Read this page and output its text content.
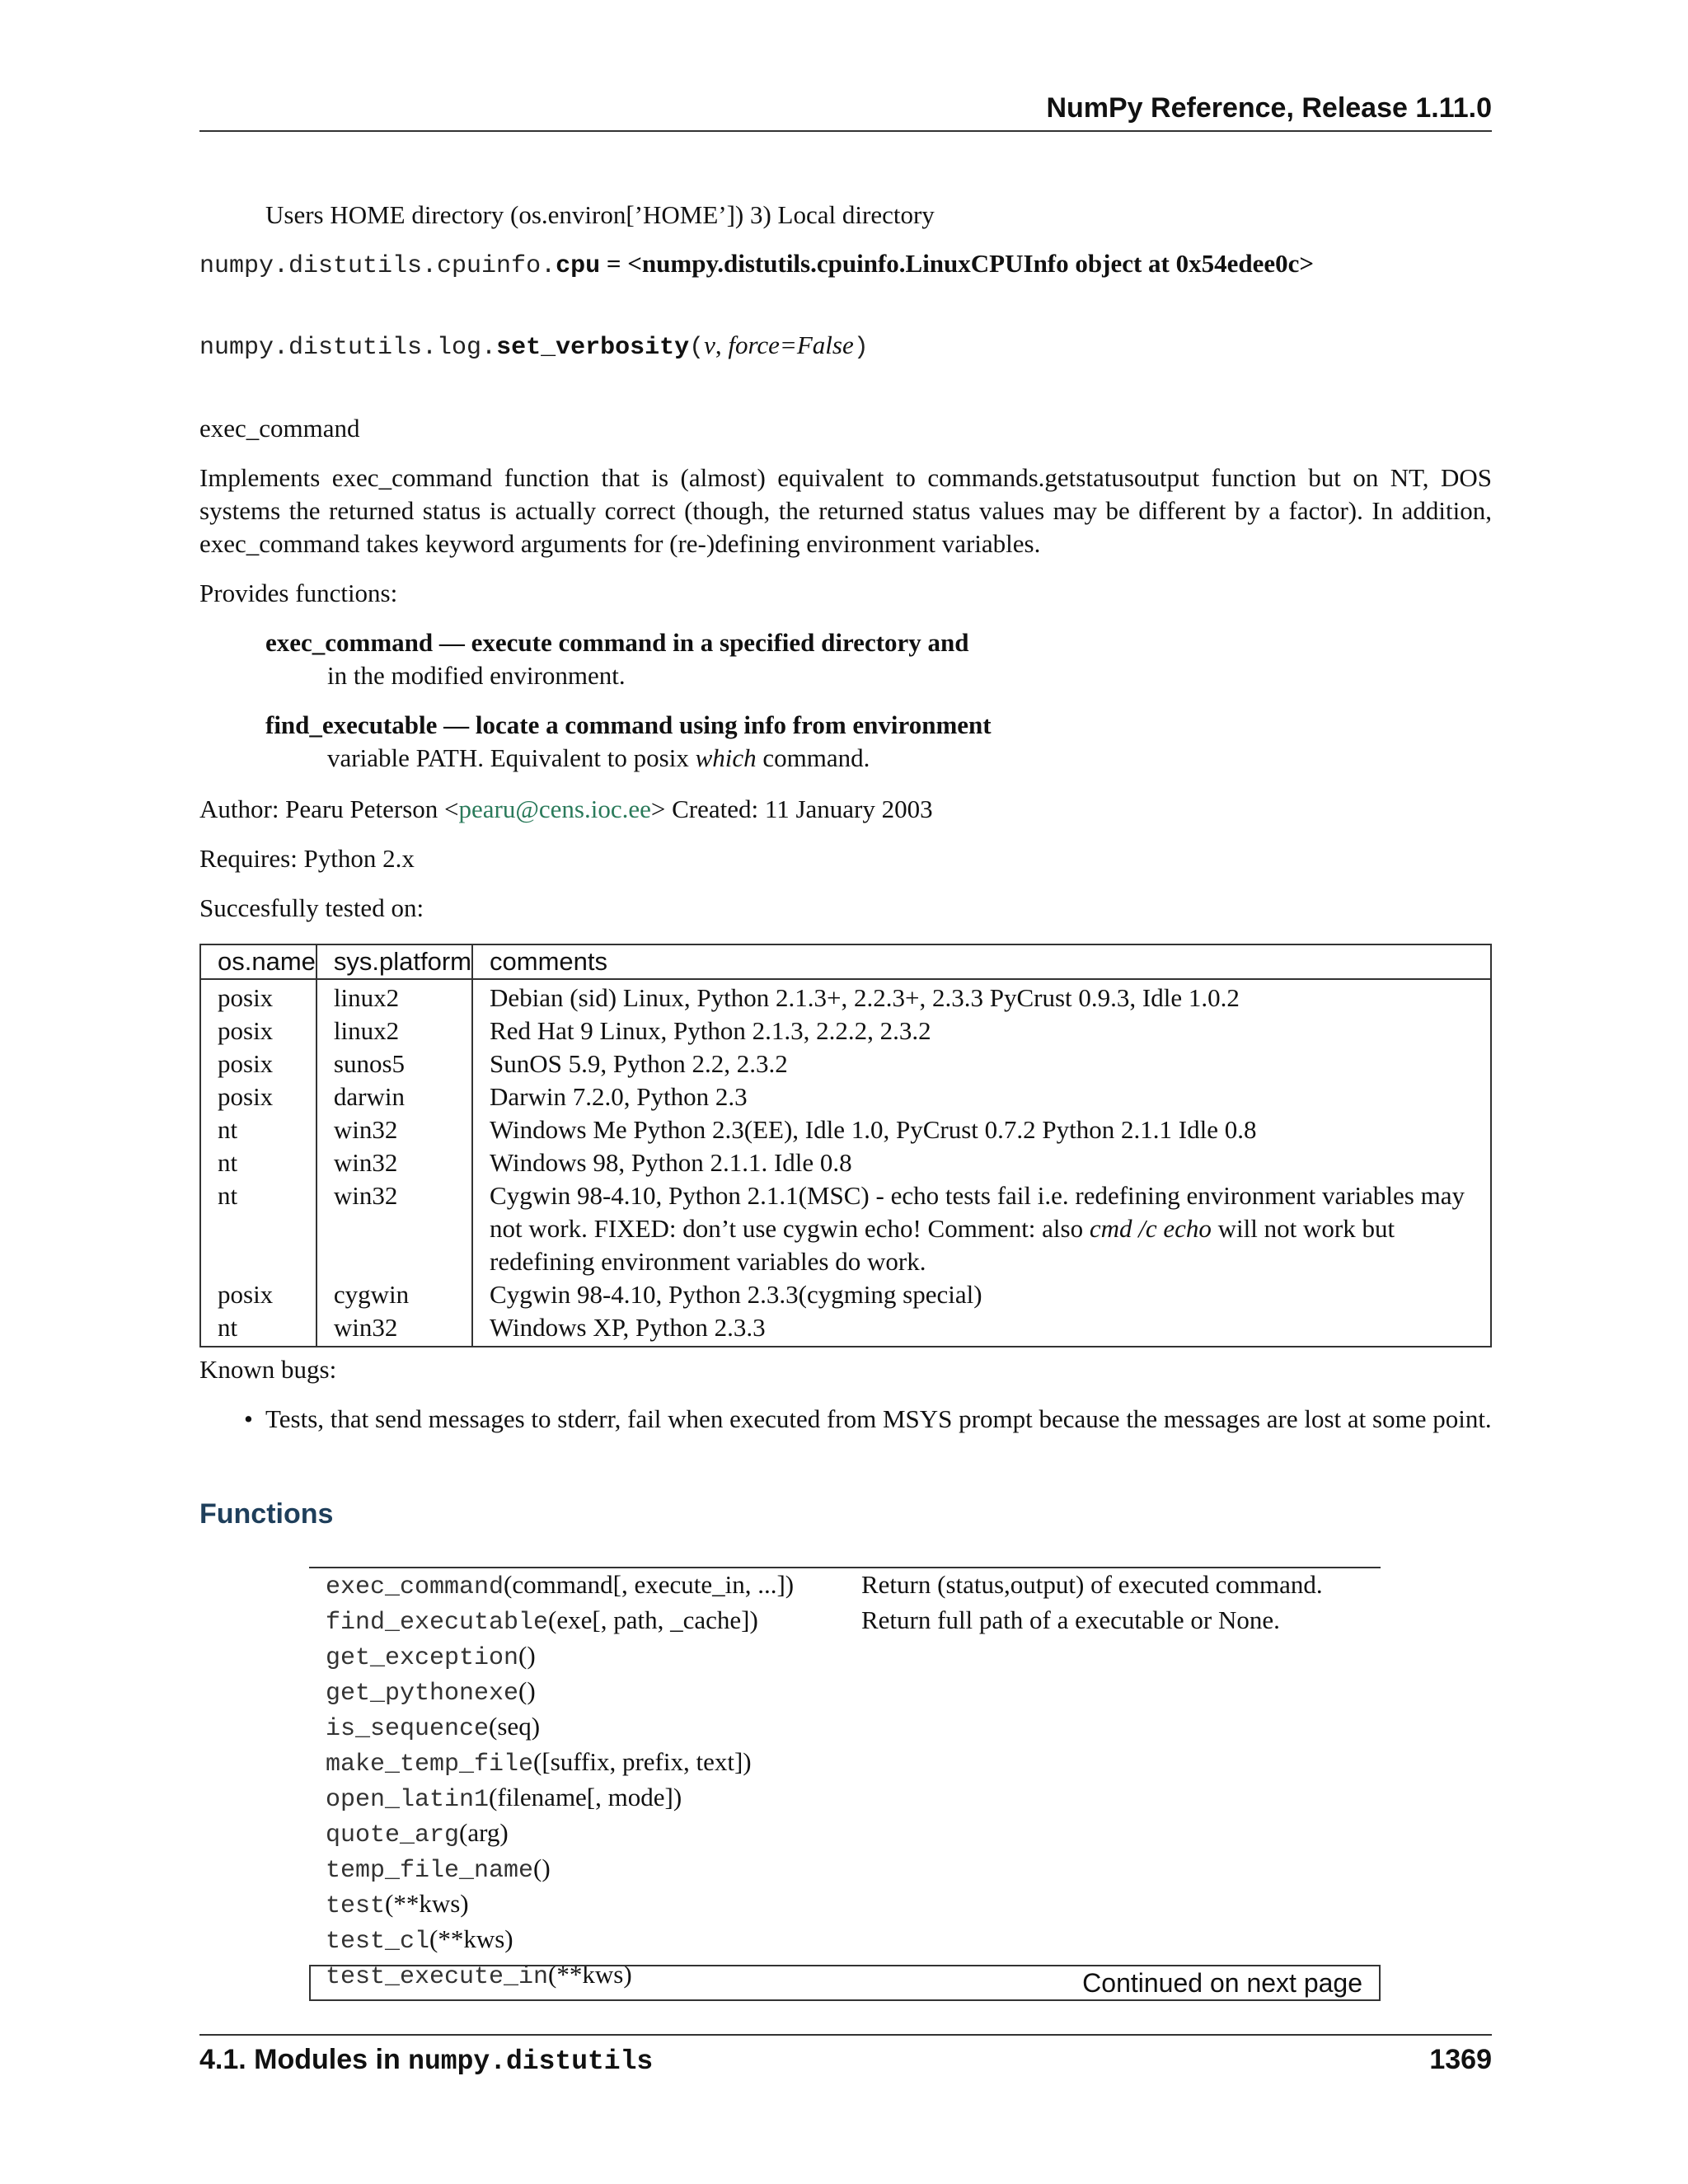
NumPy Reference, Release 1.11.0
Users HOME directory (os.environ[’HOME’]) 3) Local directory
numpy.distutils.cpuinfo.cpu = <numpy.distutils.cpuinfo.LinuxCPUInfo object at 0x54edee0c>
numpy.distutils.log.set_verbosity(v, force=False)
exec_command
Implements exec_command function that is (almost) equivalent to commands.getstatusoutput function but on NT, DOS systems the returned status is actually correct (though, the returned status values may be different by a factor). In addition, exec_command takes keyword arguments for (re-)defining environment variables.
Provides functions:
exec_command — execute command in a specified directory and
in the modified environment.
find_executable — locate a command using info from environment
variable PATH. Equivalent to posix which command.
Author: Pearu Peterson <pearu@cens.ioc.ee> Created: 11 January 2003
Requires: Python 2.x
Succesfully tested on:
os.name	sys.platform	comments
posix	linux2	Debian (sid) Linux, Python 2.1.3+, 2.2.3+, 2.3.3 PyCrust 0.9.3, Idle 1.0.2
posix	linux2	Red Hat 9 Linux, Python 2.1.3, 2.2.2, 2.3.2
posix	sunos5	SunOS 5.9, Python 2.2, 2.3.2
posix	darwin	Darwin 7.2.0, Python 2.3
nt	win32	Windows Me Python 2.3(EE), Idle 1.0, PyCrust 0.7.2 Python 2.1.1 Idle 0.8
nt	win32	Windows 98, Python 2.1.1. Idle 0.8
nt	win32	Cygwin 98-4.10, Python 2.1.1(MSC) - echo tests fail i.e. redefining environment variables may not work. FIXED: don’t use cygwin echo! Comment: also cmd /c echo will not work but redefining environment variables do work.
posix	cygwin	Cygwin 98-4.10, Python 2.3.3(cygming special)
nt	win32	Windows XP, Python 2.3.3
Known bugs:
• Tests, that send messages to stderr, fail when executed from MSYS prompt because the messages are lost at some point.
Functions
exec_command(command[, execute_in, ...])	Return (status,output) of executed command.
find_executable(exe[, path, _cache])	Return full path of a executable or None.
get_exception()	
get_pythonexe()	
is_sequence(seq)	
make_temp_file([suffix, prefix, text])	
open_latin1(filename[, mode])	
quote_arg(arg)	
temp_file_name()	
test(**kws)	
test_cl(**kws)	
test_execute_in(**kws)		Continued on next page
4.1. Modules in numpy.distutils	1369
